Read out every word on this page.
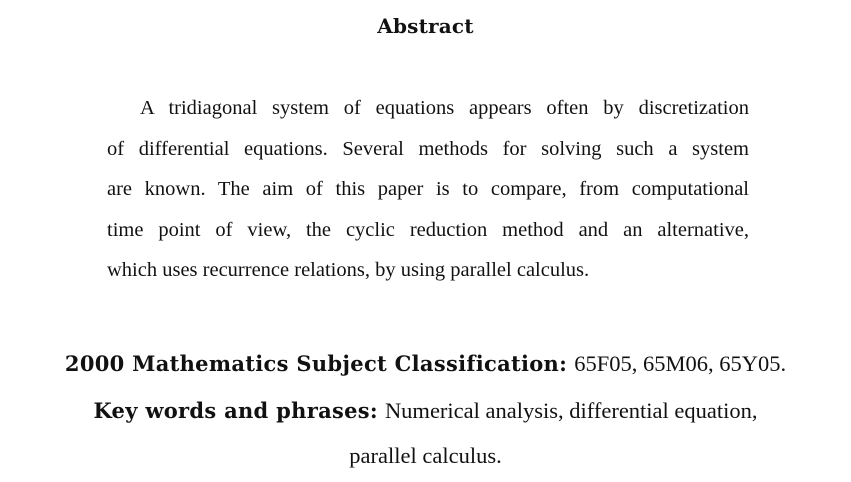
Abstract
A tridiagonal system of equations appears often by discretization
of differential equations. Several methods for solving such a system
are known. The aim of this paper is to compare, from computational
time point of view, the cyclic reduction method and an alternative,
which uses recurrence relations, by using parallel calculus.
2000 Mathematics Subject Classification: 65F05, 65M06, 65Y05.
Key words and phrases: Numerical analysis, differential equation,
parallel calculus.
